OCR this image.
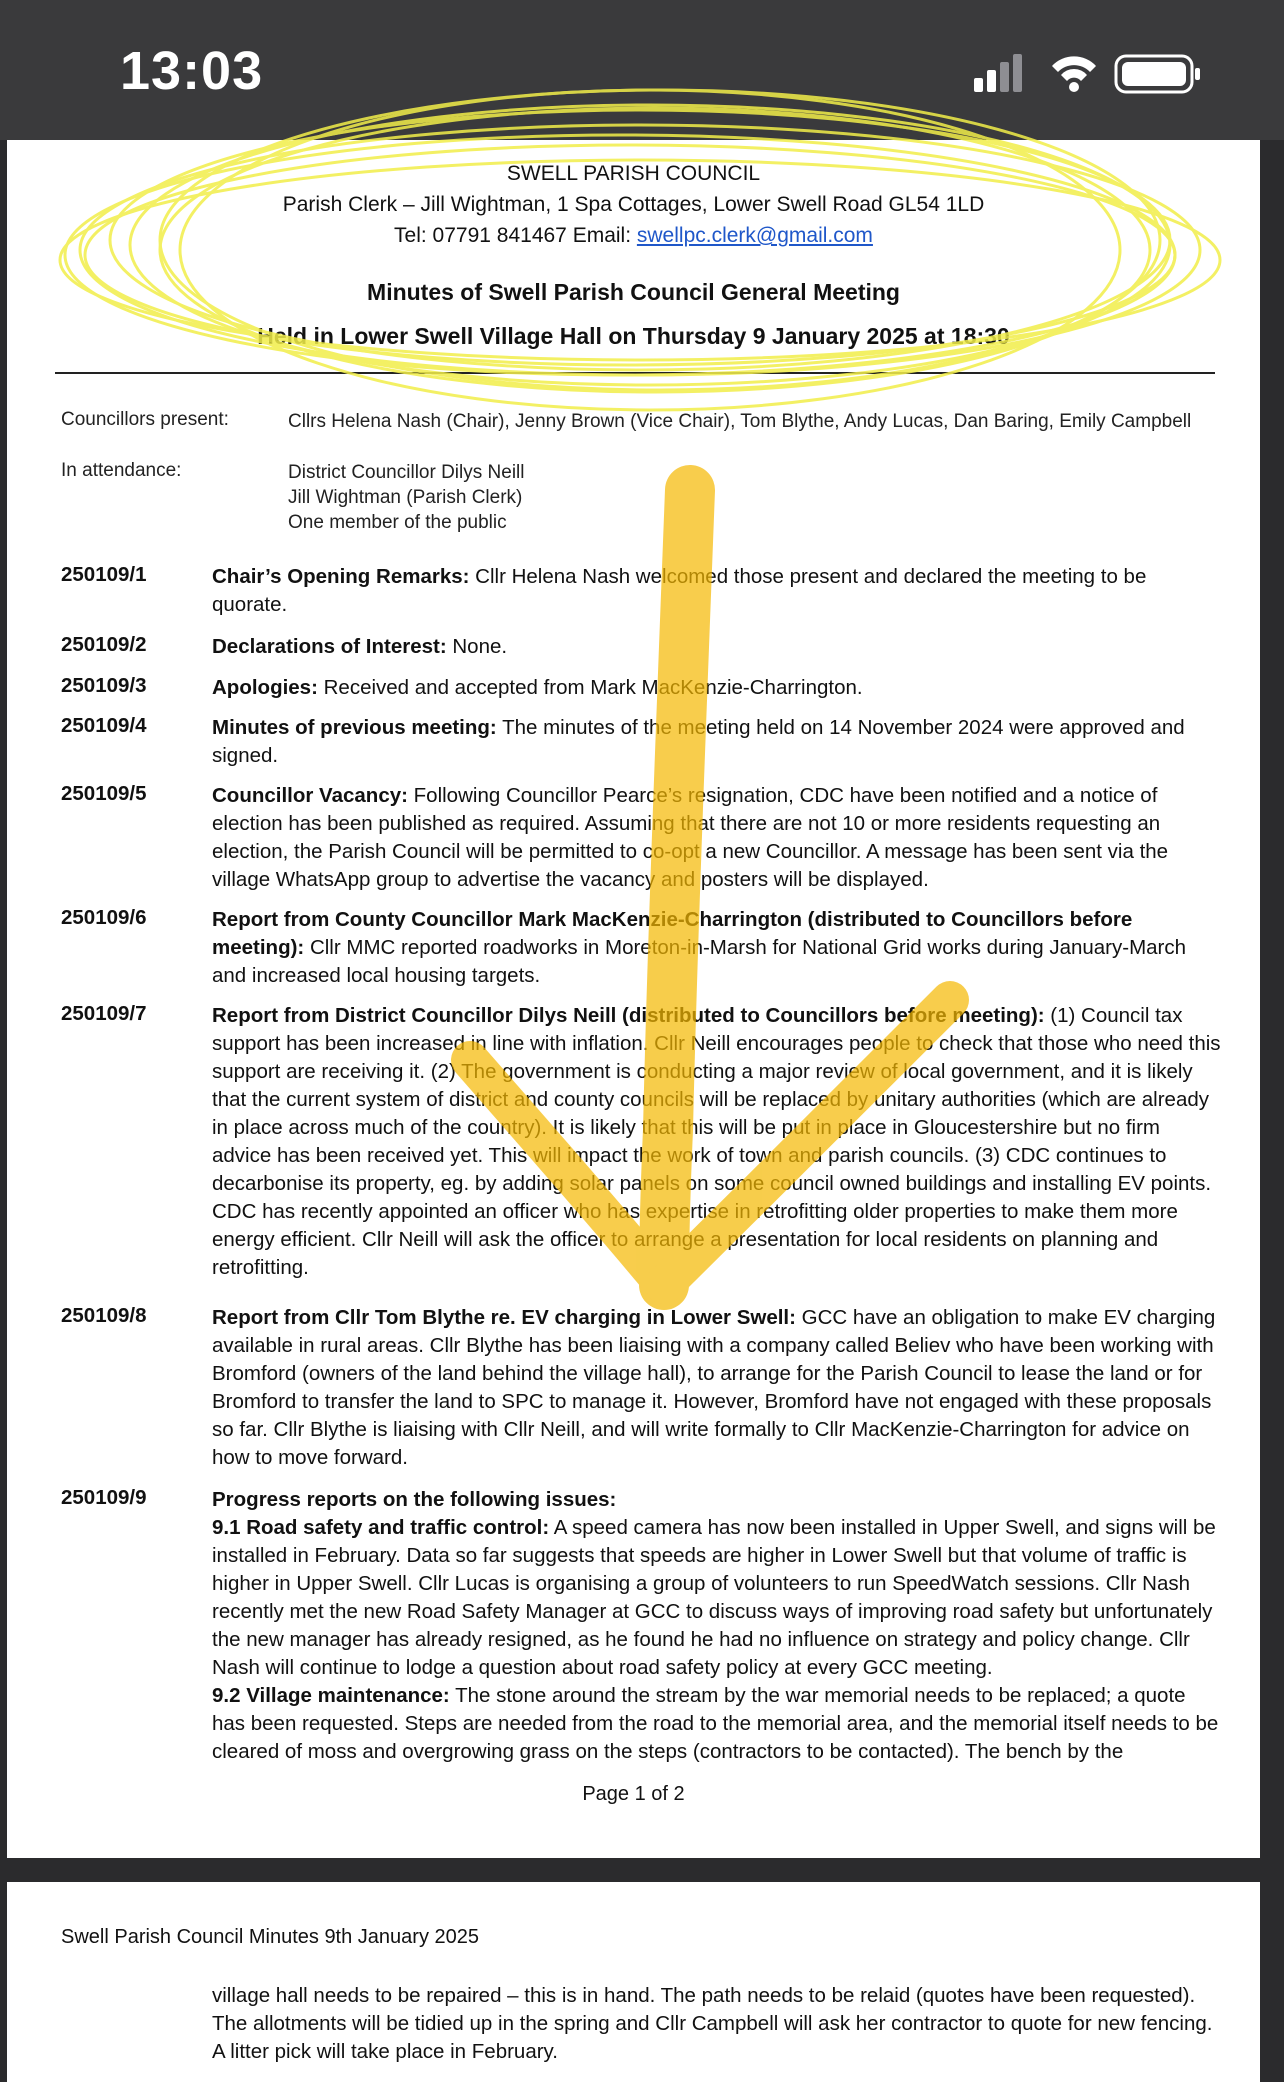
13:03
SWELL PARISH COUNCIL
Parish Clerk – Jill Wightman, 1 Spa Cottages, Lower Swell Road GL54 1LD
Tel: 07791 841467 Email: swellpc.clerk@gmail.com
Minutes of Swell Parish Council General Meeting
Held in Lower Swell Village Hall on Thursday 9 January 2025 at 18:30
Councillors present:	Cllrs Helena Nash (Chair), Jenny Brown (Vice Chair), Tom Blythe, Andy Lucas, Dan Baring, Emily Campbell
In attendance:	District Councillor Dilys Neill
Jill Wightman (Parish Clerk)
One member of the public
250109/1	Chair’s Opening Remarks: Cllr Helena Nash welcomed those present and declared the meeting to be quorate.
250109/2	Declarations of Interest: None.
250109/3	Apologies: Received and accepted from Mark MacKenzie-Charrington.
250109/4	Minutes of previous meeting: The minutes of the meeting held on 14 November 2024 were approved and signed.
250109/5	Councillor Vacancy: Following Councillor Pearce’s resignation, CDC have been notified and a notice of election has been published as required. Assuming that there are not 10 or more residents requesting an election, the Parish Council will be permitted to co-opt a new Councillor. A message has been sent via the village WhatsApp group to advertise the vacancy and posters will be displayed.
250109/6	Report from County Councillor Mark MacKenzie-Charrington (distributed to Councillors before meeting): Cllr MMC reported roadworks in Moreton-in-Marsh for National Grid works during January-March and increased local housing targets.
250109/7	Report from District Councillor Dilys Neill (distributed to Councillors before meeting): (1) Council tax support has been increased in line with inflation. Cllr Neill encourages people to check that those who need this support are receiving it. (2) The government is conducting a major review of local government, and it is likely that the current system of district and county councils will be replaced by unitary authorities (which are already in place across much of the country). It is likely that this will be put in place in Gloucestershire but no firm advice has been received yet. This will impact the work of town and parish councils. (3) CDC continues to decarbonise its property, eg. by adding solar panels on some council owned buildings and installing EV points. CDC has recently appointed an officer who has expertise in retrofitting older properties to make them more energy efficient. Cllr Neill will ask the officer to arrange a presentation for local residents on planning and retrofitting.
250109/8	Report from Cllr Tom Blythe re. EV charging in Lower Swell: GCC have an obligation to make EV charging available in rural areas. Cllr Blythe has been liaising with a company called Believ who have been working with Bromford (owners of the land behind the village hall), to arrange for the Parish Council to lease the land or for Bromford to transfer the land to SPC to manage it. However, Bromford have not engaged with these proposals so far. Cllr Blythe is liaising with Cllr Neill, and will write formally to Cllr MacKenzie-Charrington for advice on how to move forward.
250109/9	Progress reports on the following issues:
9.1 Road safety and traffic control: A speed camera has now been installed in Upper Swell, and signs will be installed in February. Data so far suggests that speeds are higher in Lower Swell but that volume of traffic is higher in Upper Swell. Cllr Lucas is organising a group of volunteers to run SpeedWatch sessions. Cllr Nash recently met the new Road Safety Manager at GCC to discuss ways of improving road safety but unfortunately the new manager has already resigned, as he found he had no influence on strategy and policy change. Cllr Nash will continue to lodge a question about road safety policy at every GCC meeting.
9.2 Village maintenance: The stone around the stream by the war memorial needs to be replaced; a quote has been requested. Steps are needed from the road to the memorial area, and the memorial itself needs to be cleared of moss and overgrowing grass on the steps (contractors to be contacted). The bench by the
Page 1 of 2
Swell Parish Council Minutes 9th January 2025
village hall needs to be repaired – this is in hand. The path needs to be relaid (quotes have been requested). The allotments will be tidied up in the spring and Cllr Campbell will ask her contractor to quote for new fencing. A litter pick will take place in February.
